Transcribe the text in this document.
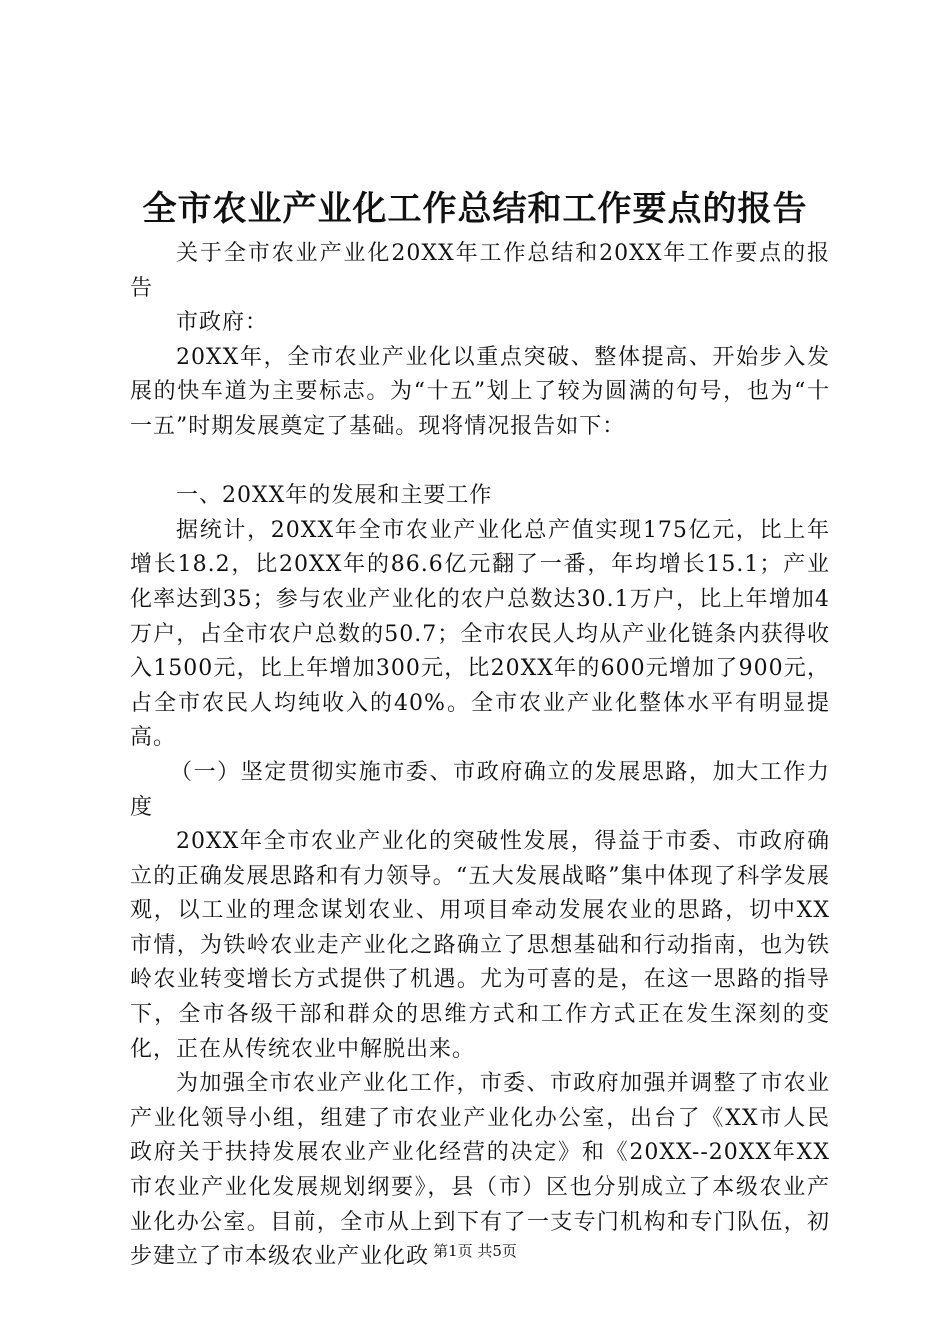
全市农业产业化工作总结和工作要点的报告

关于全市农业产业化20XX年工作总结和20XX年工作要点的报告

市政府：

20XX年，全市农业产业化以重点突破、整体提高、开始步入发展的快车道为主要标志。为“十五”划上了较为圆满的句号，也为“十一五”时期发展奠定了基础。现将情况报告如下：

一、20XX年的发展和主要工作

据统计，20XX年全市农业产业化总产值实现175亿元，比上年增长18.2，比20XX年的86.6亿元翻了一番，年均增长15.1；产业化率达到35；参与农业产业化的农户总数达30.1万户，比上年增加4万户，占全市农户总数的50.7；全市农民人均从产业化链条内获得收入1500元，比上年增加300元，比20XX年的600元增加了900元，占全市农民人均纯收入的40%。全市农业产业化整体水平有明显提高。

（一）坚定贯彻实施市委、市政府确立的发展思路，加大工作力度

20XX年全市农业产业化的突破性发展，得益于市委、市政府确立的正确发展思路和有力领导。“五大发展战略”集中体现了科学发展观，以工业的理念谋划农业、用项目牵动发展农业的思路，切中XX市情，为铁岭农业走产业化之路确立了思想基础和行动指南，也为铁岭农业转变增长方式提供了机遇。尤为可喜的是，在这一思路的指导下，全市各级干部和群众的思维方式和工作方式正在发生深刻的变化，正在从传统农业中解脱出来。

为加强全市农业产业化工作，市委、市政府加强并调整了市农业产业化领导小组，组建了市农业产业化办公室，出台了《XX市人民政府关于扶持发展农业产业化经营的决定》和《20XX--20XX年XX市农业产业化发展规划纲要》，县（市）区也分别成立了本级农业产业化办公室。目前，全市从上到下有了一支专门机构和专门队伍，初步建立了市本级农业产业化政 第1页 共5页
